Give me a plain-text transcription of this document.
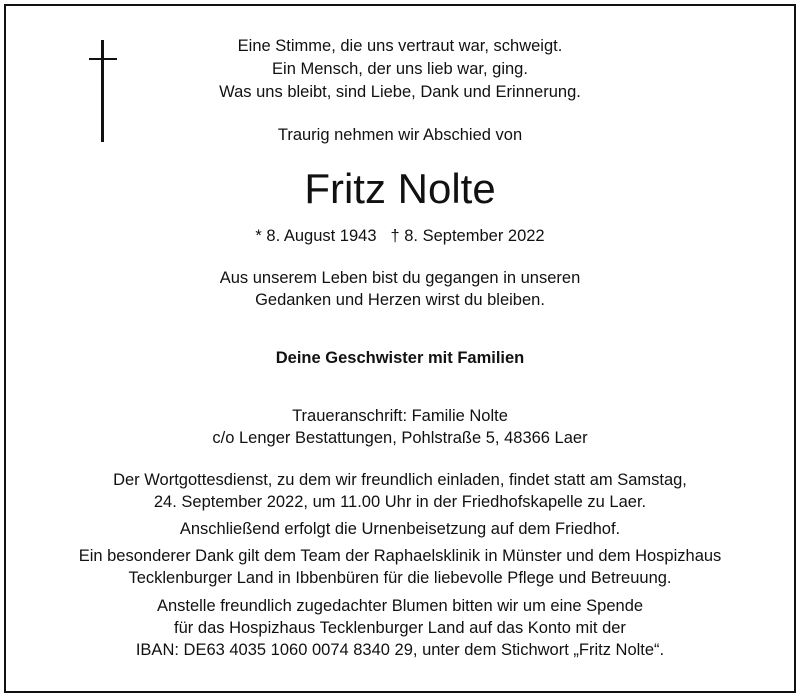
Eine Stimme, die uns vertraut war, schweigt.
Ein Mensch, der uns lieb war, ging.
Was uns bleibt, sind Liebe, Dank und Erinnerung.
Traurig nehmen wir Abschied von
Fritz Nolte
* 8. August 1943 † 8. September 2022
Aus unserem Leben bist du gegangen in unseren
Gedanken und Herzen wirst du bleiben.
Deine Geschwister mit Familien
Traueranschrift: Familie Nolte
c/o Lenger Bestattungen, Pohlstraße 5, 48366 Laer
Der Wortgottesdienst, zu dem wir freundlich einladen, findet statt am Samstag,
24. September 2022, um 11.00 Uhr in der Friedhofskapelle zu Laer.
Anschließend erfolgt die Urnenbeisetzung auf dem Friedhof.
Ein besonderer Dank gilt dem Team der Raphaelsklinik in Münster und dem Hospizhaus
Tecklenburger Land in Ibbenbüren für die liebevolle Pflege und Betreuung.
Anstelle freundlich zugedachter Blumen bitten wir um eine Spende
für das Hospizhaus Tecklenburger Land auf das Konto mit der
IBAN: DE63 4035 1060 0074 8340 29, unter dem Stichwort „Fritz Nolte“.
